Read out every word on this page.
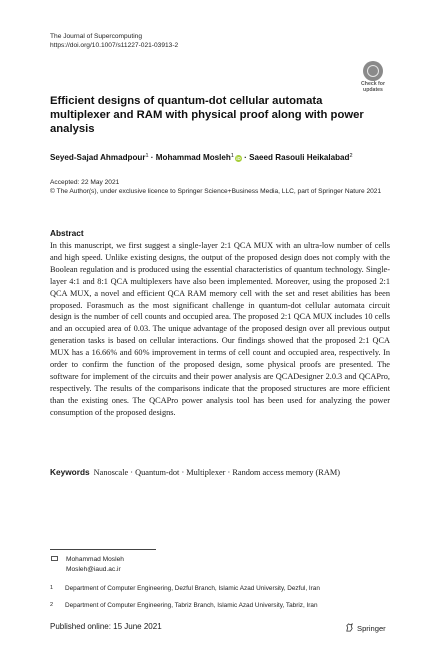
The Journal of Supercomputing
https://doi.org/10.1007/s11227-021-03913-2
Check for
updates
Efficient designs of quantum-dot cellular automata multiplexer and RAM with physical proof along with power analysis
Seyed-Sajad Ahmadpour$^1$ · Mohammad Mosleh$^1$ iD · Saeed Rasouli Heikalabad$^2$
Accepted: 22 May 2021
© The Author(s), under exclusive licence to Springer Science+Business Media, LLC, part of Springer Nature 2021
Abstract
In this manuscript, we first suggest a single-layer 2:1 QCA MUX with an ultra-low number of cells and high speed. Unlike existing designs, the output of the proposed design does not comply with the Boolean regulation and is produced using the essential characteristics of quantum technology. Single-layer 4:1 and 8:1 QCA multiplexers have also been implemented. Moreover, using the proposed 2:1 QCA MUX, a novel and efficient QCA RAM memory cell with the set and reset abilities has been proposed. Forasmuch as the most significant challenge in quantum-dot cellular automata circuit design is the number of cell counts and occupied area. The proposed 2:1 QCA MUX includes 10 cells and an occupied area of 0.03. The unique advantage of the proposed design over all previous output generation tasks is based on cellular interactions. Our findings showed that the proposed 2:1 QCA MUX has a 16.66% and 60% improvement in terms of cell count and occupied area, respectively. In order to confirm the function of the proposed design, some physical proofs are presented. The software for implement of the circuits and their power analysis are QCADesigner 2.0.3 and QCAPro, respectively. The results of the comparisons indicate that the proposed structures are more efficient than the existing ones. The QCAPro power analysis tool has been used for analyzing the power consumption of the proposed designs.
Keywords Nanoscale · Quantum-dot · Multiplexer · Random access memory (RAM)
Mohammad Mosleh
Mosleh@iaud.ac.ir
1 Department of Computer Engineering, Dezful Branch, Islamic Azad University, Dezful, Iran
2 Department of Computer Engineering, Tabriz Branch, Islamic Azad University, Tabriz, Iran
Published online: 15 June 2021	Springer
